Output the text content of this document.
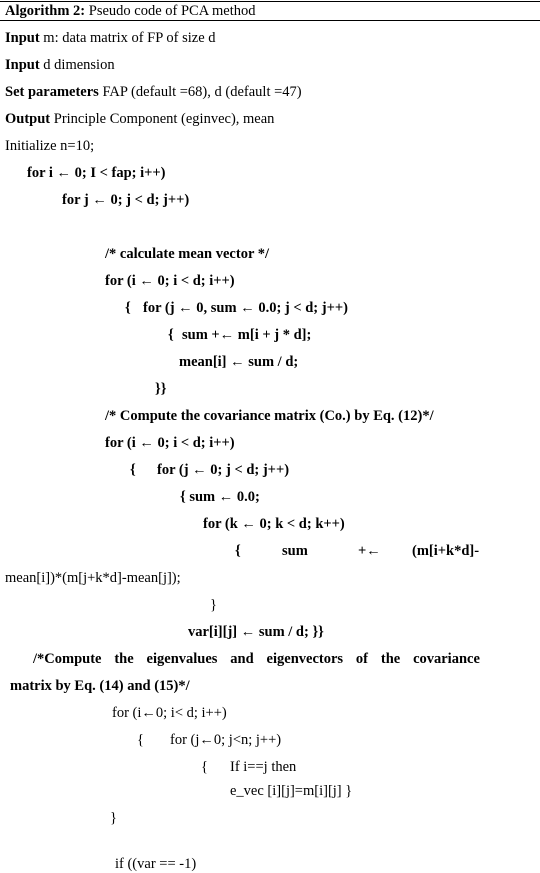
Algorithm 2: Pseudo code of PCA method
Input m: data matrix of FP of size d
Input d dimension
Set parameters FAP (default =68), d (default =47)
Output Principle Component (eginvec), mean
Initialize n=10;
for i ← 0; I < fap; i++)
for j ← 0; j < d; j++)
/* calculate mean vector */
for (i ← 0; i < d; i++)
{ for (j ← 0, sum ← 0.0; j < d; j++)
{ sum +← m[i + j * d];
mean[i] ← sum / d;
}}
/* Compute the covariance matrix (Co.) by Eq. (12)*/
for (i ← 0; i < d; i++)
{ for (j ← 0; j < d; j++)
{ sum ← 0.0;
for (k ← 0; k < d; k++)
{	sum	+← (m[i+k*d]-
mean[i])*(m[j+k*d]-mean[j]);
}
var[i][j] ← sum / d; }}
/*Compute the eigenvalues and eigenvectors of the covariance
matrix by Eq. (14) and (15)*/
for (i←0; i< d; i++)
{ for (j←0; j<n; j++)
{ If i==j then
e_vec [i][j]=m[i][j] }
}
if ((var == -1)
